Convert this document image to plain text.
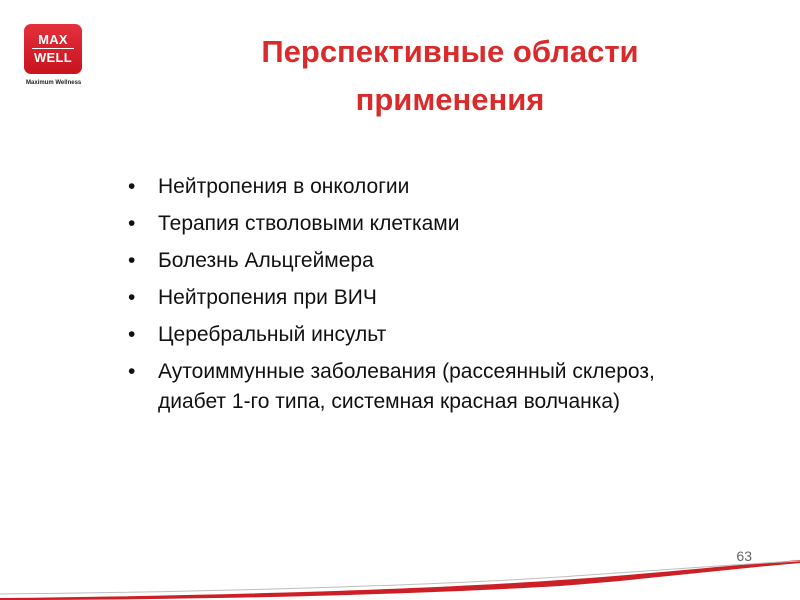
MAX
WELL
Maximum Wellness
Перспективные области применения
• Нейтропения в онкологии
• Терапия стволовыми клетками
• Болезнь Альцгеймера
• Нейтропения при ВИЧ
• Церебральный инсульт
• Аутоиммунные заболевания (рассеянный склероз, диабет 1-го типа, системная красная волчанка)
63
